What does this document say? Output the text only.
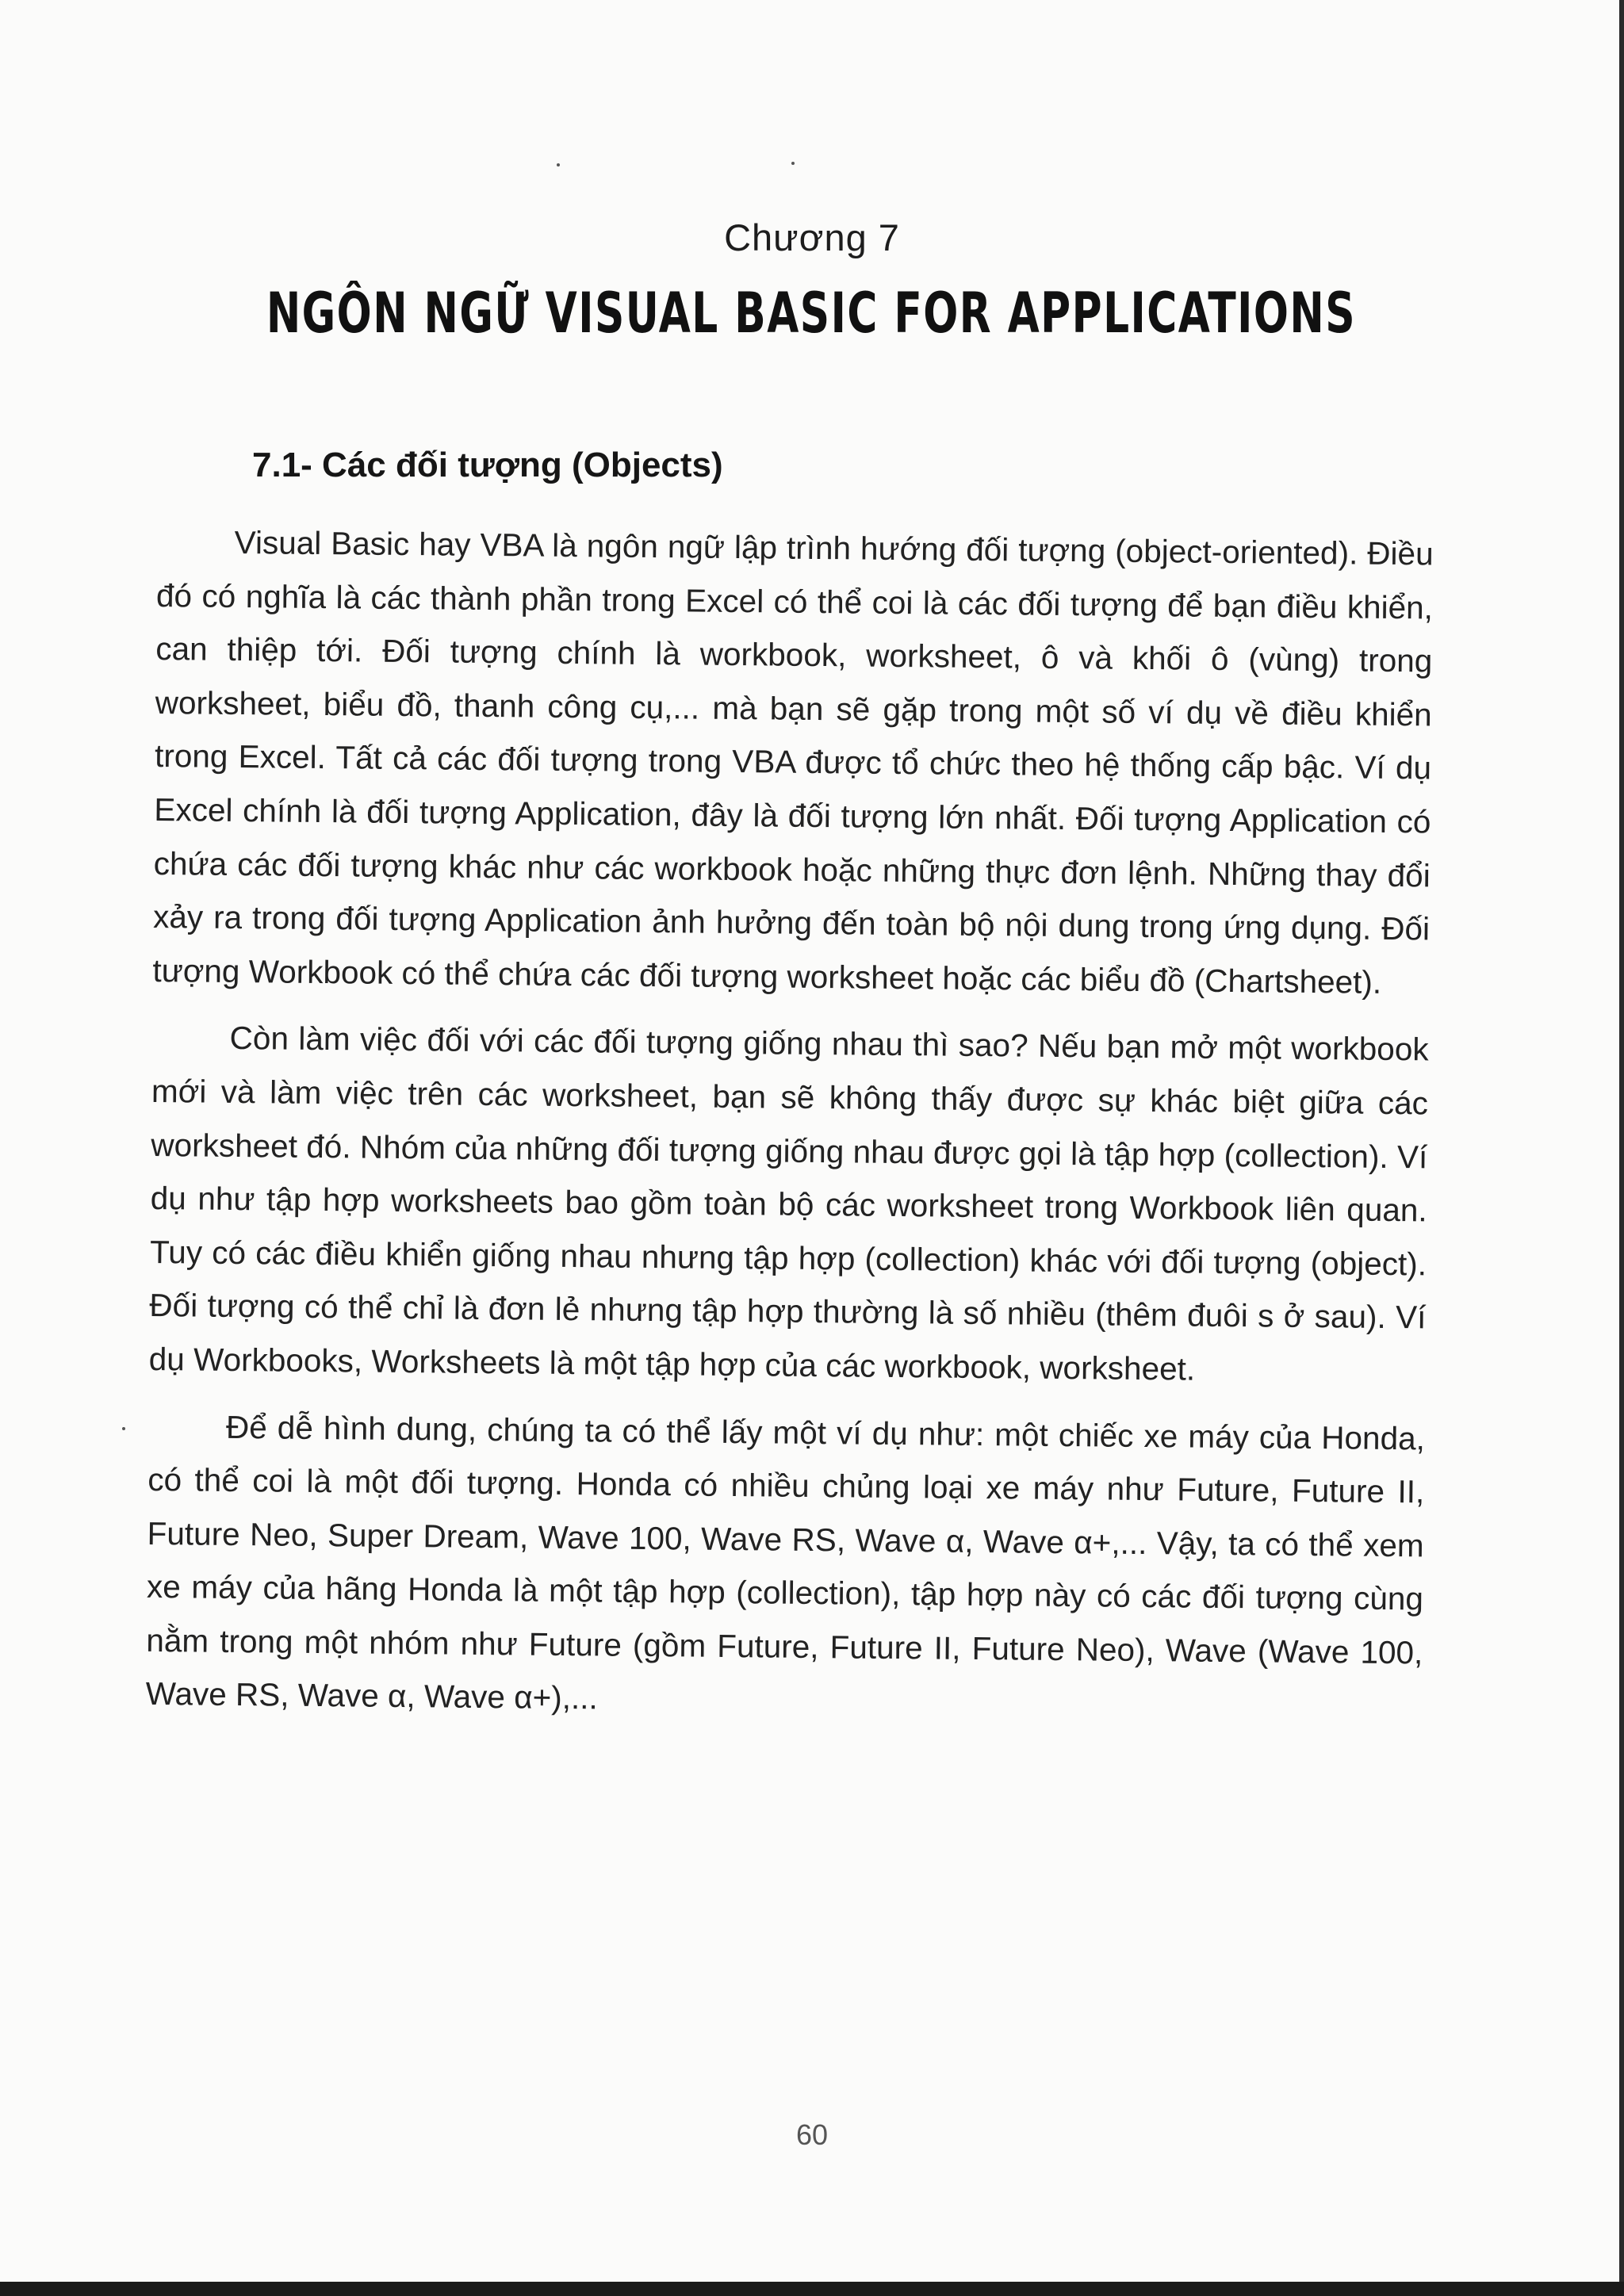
Chương 7
NGÔN NGỮ VISUAL BASIC FOR APPLICATIONS
7.1- Các đối tượng (Objects)

Visual Basic hay VBA là ngôn ngữ lập trình hướng đối tượng (object-oriented). Điều đó có nghĩa là các thành phần trong Excel có thể coi là các đối tượng để bạn điều khiển, can thiệp tới. Đối tượng chính là workbook, worksheet, ô và khối ô (vùng) trong worksheet, biểu đồ, thanh công cụ,... mà bạn sẽ gặp trong một số ví dụ về điều khiển trong Excel. Tất cả các đối tượng trong VBA được tổ chức theo hệ thống cấp bậc. Ví dụ Excel chính là đối tượng Application, đây là đối tượng lớn nhất. Đối tượng Application có chứa các đối tượng khác như các workbook hoặc những thực đơn lệnh. Những thay đổi xảy ra trong đối tượng Application ảnh hưởng đến toàn bộ nội dung trong ứng dụng. Đối tượng Workbook có thể chứa các đối tượng worksheet hoặc các biểu đồ (Chartsheet).

Còn làm việc đối với các đối tượng giống nhau thì sao? Nếu bạn mở một workbook mới và làm việc trên các worksheet, bạn sẽ không thấy được sự khác biệt giữa các worksheet đó. Nhóm của những đối tượng giống nhau được gọi là tập hợp (collection). Ví dụ như tập hợp worksheets bao gồm toàn bộ các worksheet trong Workbook liên quan. Tuy có các điều khiển giống nhau nhưng tập hợp (collection) khác với đối tượng (object). Đối tượng có thể chỉ là đơn lẻ nhưng tập hợp thường là số nhiều (thêm đuôi s ở sau). Ví dụ Workbooks, Worksheets là một tập hợp của các workbook, worksheet.

Để dễ hình dung, chúng ta có thể lấy một ví dụ như: một chiếc xe máy của Honda, có thể coi là một đối tượng. Honda có nhiều chủng loại xe máy như Future, Future II, Future Neo, Super Dream, Wave 100, Wave RS, Wave α, Wave α+,... Vậy, ta có thể xem xe máy của hãng Honda là một tập hợp (collection), tập hợp này có các đối tượng cùng nằm trong một nhóm như Future (gồm Future, Future II, Future Neo), Wave (Wave 100, Wave RS, Wave α, Wave α+),...

60
